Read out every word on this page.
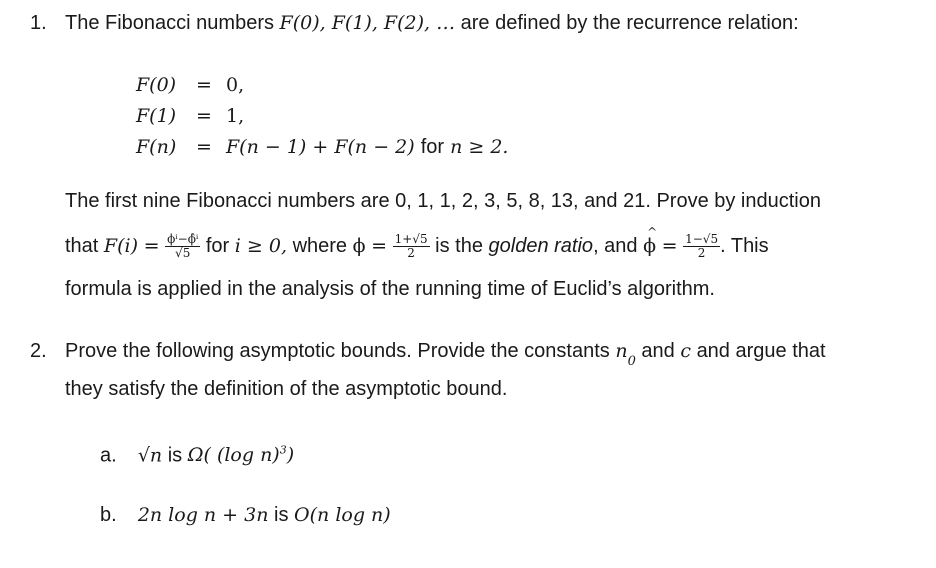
1. The Fibonacci numbers F(0), F(1), F(2), … are defined by the recurrence relation:
F(0) = 0,
F(1) = 1,
F(n) = F(n − 1) + F(n − 2) for n ≥ 2.
The first nine Fibonacci numbers are 0, 1, 1, 2, 3, 5, 8, 13, and 21. Prove by induction
that $F(i) = \frac{\text{ϕⁱ−ϕ̂ⁱ}}{√5}$ for i ≥ 0, where $\phi = \frac{1+√5}{2}$ is the golden ratio, and ^ $\phi = \frac{1-√5}{2}$ . This
formula is applied in the analysis of the running time of Euclid’s algorithm.
2. Prove the following asymptotic bounds. Provide the constants $n_0$ and c and argue that
they satisfy the definition of the asymptotic bound.
a. √n is Ω( (log n)$^3$)
b. 2n log n + 3n is O(n log n)
